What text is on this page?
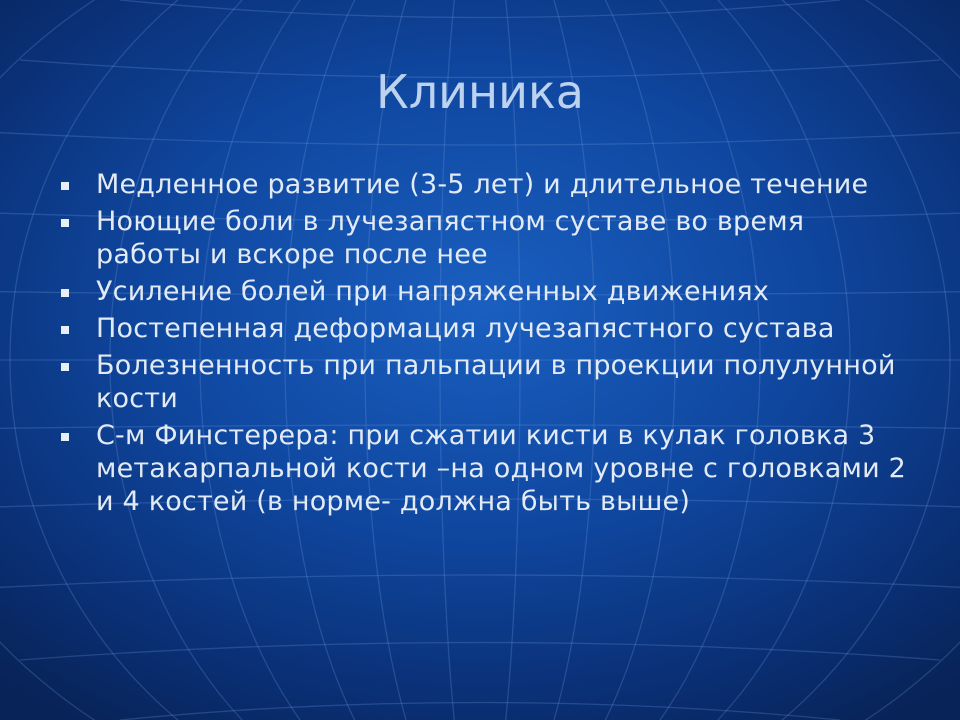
Клиника
Медленное развитие (3-5 лет) и длительное течение
Ноющие боли в лучезапястном суставе во время работы и вскоре после нее
Усиление болей при напряженных движениях
Постепенная деформация лучезапястного сустава
Болезненность при пальпации в проекции полулунной кости
С-м Финстерера: при сжатии кисти в кулак головка 3 метакарпальной кости –на одном уровне с головками 2 и 4 костей (в норме- должна быть выше)
